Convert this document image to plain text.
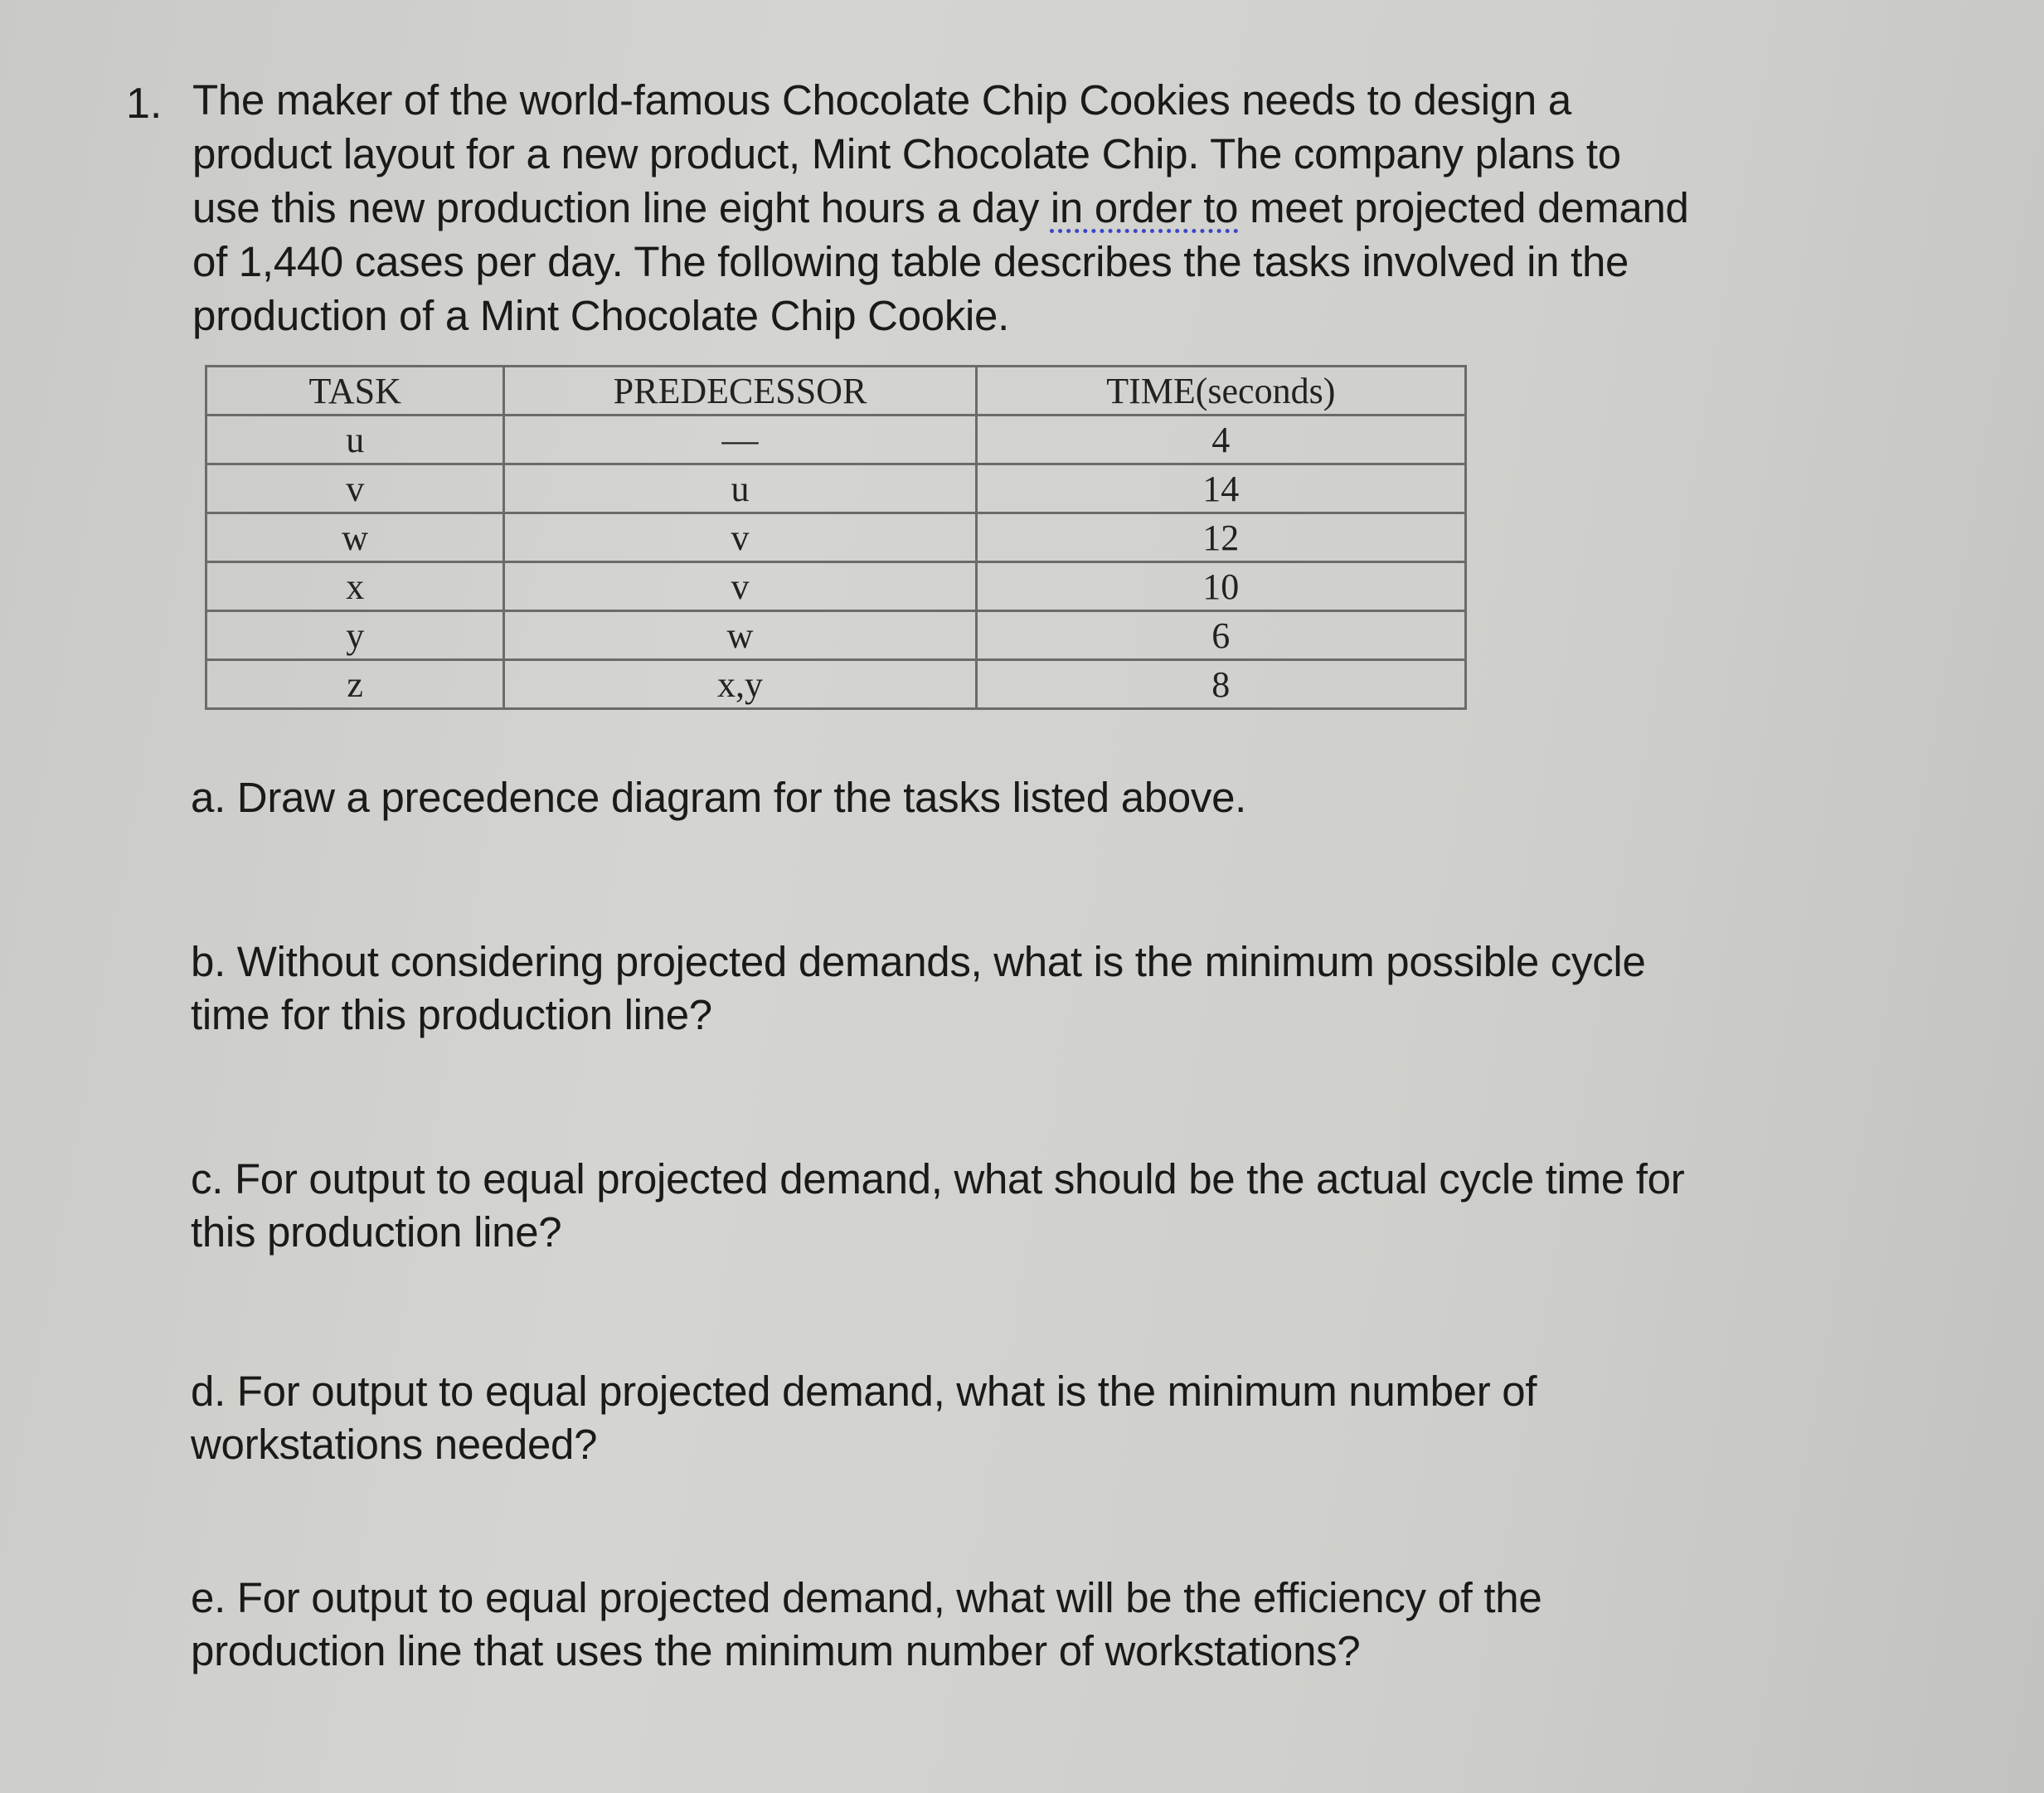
1. The maker of the world-famous Chocolate Chip Cookies needs to design a
product layout for a new product, Mint Chocolate Chip. The company plans to
use this new production line eight hours a day in order to meet projected demand
of 1,440 cases per day. The following table describes the tasks involved in the
production of a Mint Chocolate Chip Cookie.
TASK	PREDECESSOR	TIME(seconds)
u	—	4
v	u	14
w	v	12
x	v	10
y	w	6
z	x,y	8
a. Draw a precedence diagram for the tasks listed above.
b. Without considering projected demands, what is the minimum possible cycle
time for this production line?
c. For output to equal projected demand, what should be the actual cycle time for
this production line?
d. For output to equal projected demand, what is the minimum number of
workstations needed?
e. For output to equal projected demand, what will be the efficiency of the
production line that uses the minimum number of workstations?
